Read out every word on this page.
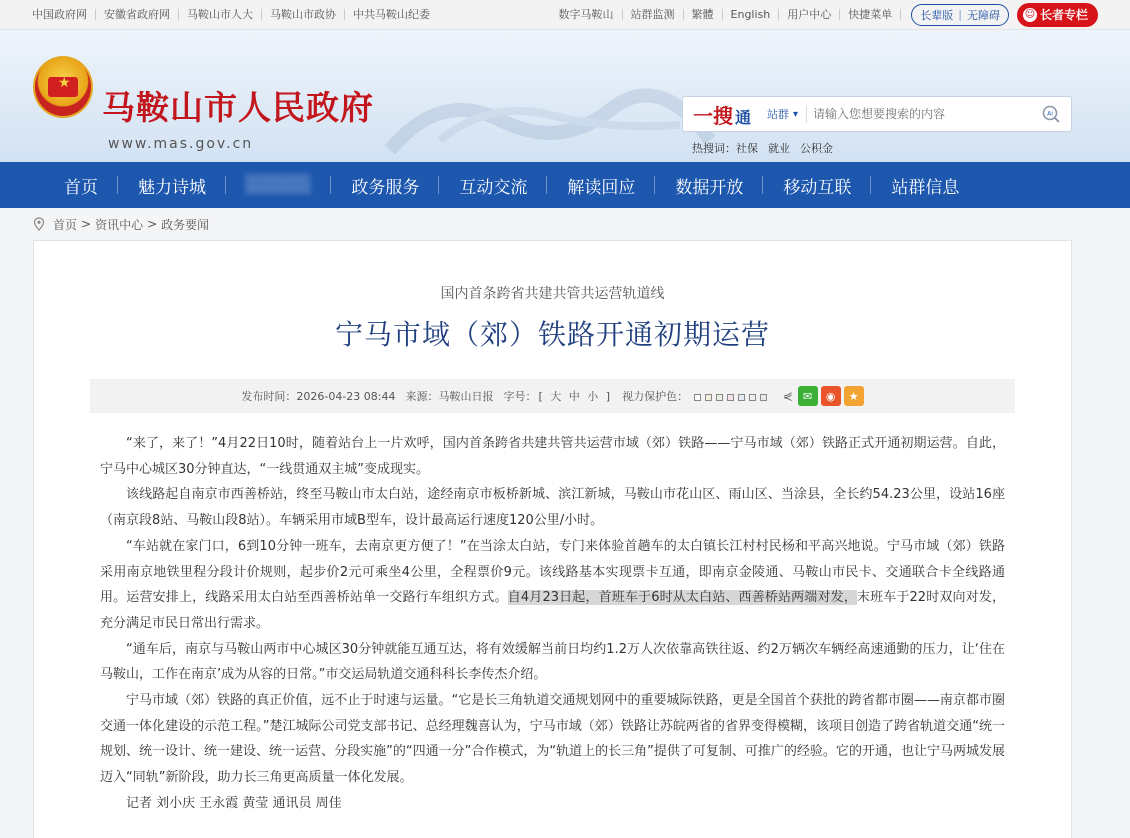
中国政府网	安徽省政府网	马鞍山市人大	马鞍山市政协	中共马鞍山纪委	数字马鞍山	站群监测	繁體	English	用户中心	快捷菜单	长辈版 | 无障碍 ☺ 长者专栏
★
马鞍山市人民政府
www.mas.gov.cn
一搜 通 站群 ▾
请输入您想要搜索的内容	Ai
热搜词： 社保 就业 公积金
首页 魅力诗城 ░░░░░ 政务服务 互动交流 解读回应 数据开放 移动互联 站群信息
首页 > 资讯中心 > 政务要闻
国内首条跨省共建共管共运营轨道线
宁马市域（郊）铁路开通初期运营
发布时间：2026-04-23 08:44 来源：马鞍山日报 字号： [ 大 中 小 ] 视力保护色：	⋞ ✉	◉	★

“来了，来了！”4月22日10时，随着站台上一片欢呼，国内首条跨省共建共管共运营市域（郊）铁路——宁马市域（郊）铁路正式开通初期运营。自此，宁马中心城区30分钟直达，“一线贯通双主城”变成现实。

该线路起自南京市西善桥站，终至马鞍山市太白站，途经南京市板桥新城、滨江新城，马鞍山市花山区、雨山区、当涂县，全长约54.23公里，设站16座（南京段8站、马鞍山段8站）。车辆采用市域B型车，设计最高运行速度120公里/小时。

“车站就在家门口，6到10分钟一班车，去南京更方便了！”在当涂太白站，专门来体验首趟车的太白镇长江村村民杨和平高兴地说。宁马市域（郊）铁路采用南京地铁里程分段计价规则，起步价2元可乘坐4公里，全程票价9元。该线路基本实现票卡互通，即南京金陵通、马鞍山市民卡、交通联合卡全线路通用。运营安排上，线路采用太白站至西善桥站单一交路行车组织方式。自4月23日起，首班车于6时从太白站、西善桥站两端对发，末班车于22时双向对发，充分满足市民日常出行需求。

“通车后，南京与马鞍山两市中心城区30分钟就能互通互达，将有效缓解当前日均约1.2万人次依靠高铁往返、约2万辆次车辆经高速通勤的压力，让‘住在马鞍山，工作在南京’成为从容的日常。”市交运局轨道交通科科长李传杰介绍。

宁马市域（郊）铁路的真正价值，远不止于时速与运量。“它是长三角轨道交通规划网中的重要城际铁路，更是全国首个获批的跨省都市圈——南京都市圈交通一体化建设的示范工程。”楚江城际公司党支部书记、总经理魏喜认为，宁马市域（郊）铁路让苏皖两省的省界变得模糊，该项目创造了跨省轨道交通“统一规划、统一设计、统一建设、统一运营、分段实施”的“四通一分”合作模式，为“轨道上的长三角”提供了可复制、可推广的经验。它的开通，也让宁马两城发展迈入“同轨”新阶段，助力长三角更高质量一体化发展。

记者 刘小庆 王永霞 黄莹 通讯员 周佳
